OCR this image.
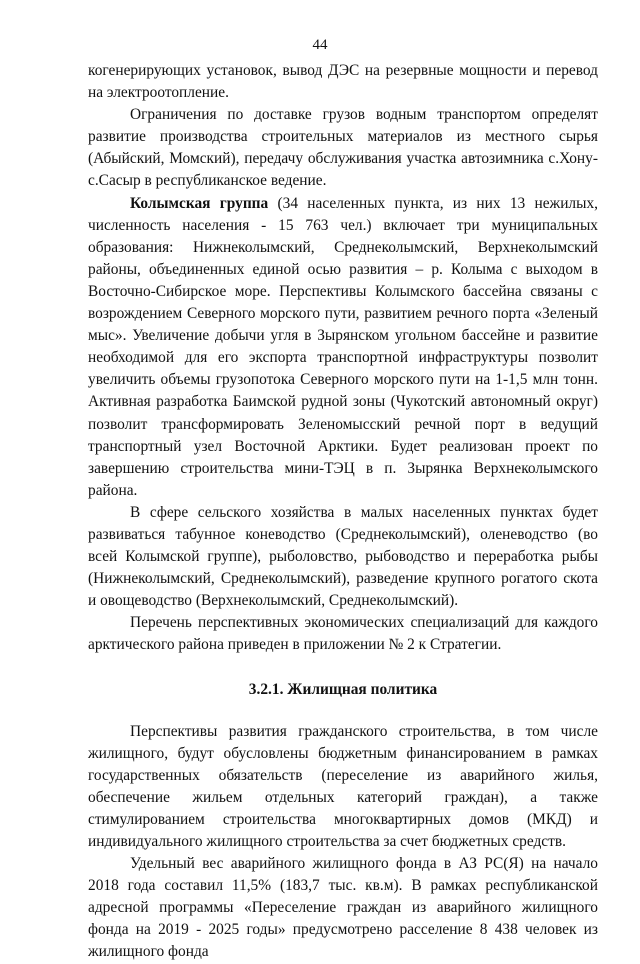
44

когенерирующих установок, вывод ДЭС на резервные мощности и перевод на электроотопление.

Ограничения по доставке грузов водным транспортом определят развитие производства строительных материалов из местного сырья (Абыйский, Момский), передачу обслуживания участка автозимника с.Хону-с.Сасыр в республиканское ведение.

Колымская группа (34 населенных пункта, из них 13 нежилых, численность населения - 15 763 чел.) включает три муниципальных образования: Нижнеколымский, Среднеколымский, Верхнеколымский районы, объединенных единой осью развития – р. Колыма с выходом в Восточно-Сибирское море. Перспективы Колымского бассейна связаны с возрождением Северного морского пути, развитием речного порта «Зеленый мыс». Увеличение добычи угля в Зырянском угольном бассейне и развитие необходимой для его экспорта транспортной инфраструктуры позволит увеличить объемы грузопотока Северного морского пути на 1-1,5 млн тонн. Активная разработка Баимской рудной зоны (Чукотский автономный округ) позволит трансформировать Зеленомысский речной порт в ведущий транспортный узел Восточной Арктики. Будет реализован проект по завершению строительства мини-ТЭЦ в п. Зырянка Верхнеколымского района.

В сфере сельского хозяйства в малых населенных пунктах будет развиваться табунное коневодство (Среднеколымский), оленеводство (во всей Колымской группе), рыболовство, рыбоводство и переработка рыбы (Нижнеколымский, Среднеколымский), разведение крупного рогатого скота и овощеводство (Верхнеколымский, Среднеколымский).

Перечень перспективных экономических специализаций для каждого арктического района приведен в приложении № 2 к Стратегии.

3.2.1. Жилищная политика

Перспективы развития гражданского строительства, в том числе жилищного, будут обусловлены бюджетным финансированием в рамках государственных обязательств (переселение из аварийного жилья, обеспечение жильем отдельных категорий граждан), а также стимулированием строительства многоквартирных домов (МКД) и индивидуального жилищного строительства за счет бюджетных средств.

Удельный вес аварийного жилищного фонда в АЗ РС(Я) на начало 2018 года составил 11,5% (183,7 тыс. кв.м). В рамках республиканской адресной программы «Переселение граждан из аварийного жилищного фонда на 2019 - 2025 годы» предусмотрено расселение 8 438 человек из жилищного фонда
